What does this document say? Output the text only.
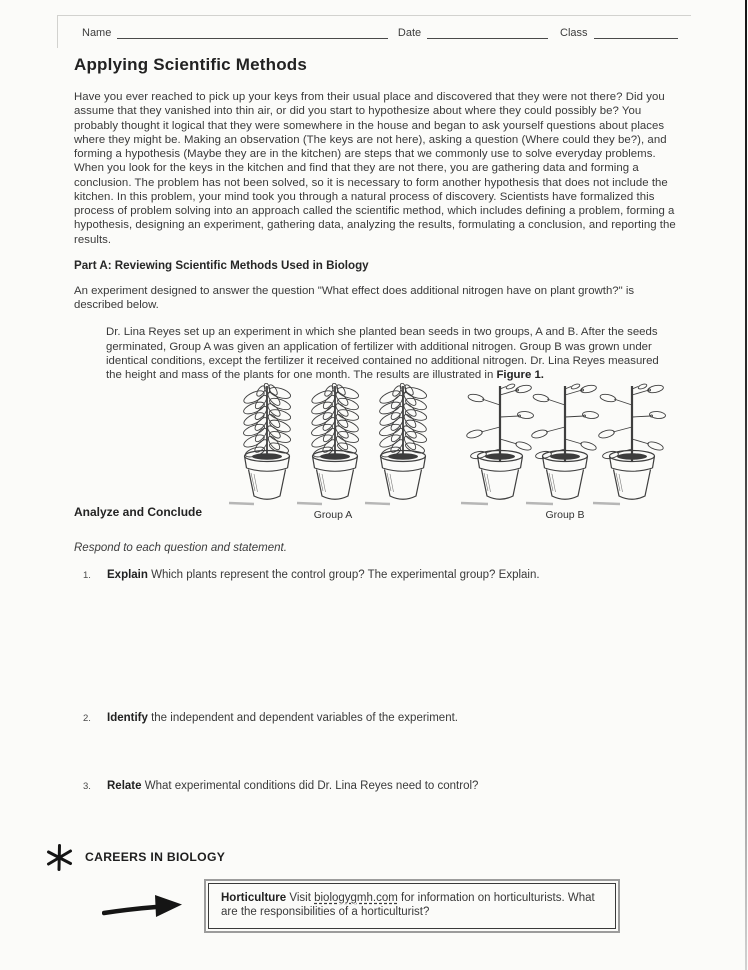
Name	Date	Class
Applying Scientific Methods

Have you ever reached to pick up your keys from their usual place and discovered that they were not there? Did you assume that they vanished into thin air, or did you start to hypothesize about where they could possibly be? You probably thought it logical that they were somewhere in the house and began to ask yourself questions about places where they might be. Making an observation (The keys are not here), asking a question (Where could they be?), and forming a hypothesis (Maybe they are in the kitchen) are steps that we commonly use to solve everyday problems. When you look for the keys in the kitchen and find that they are not there, you are gathering data and forming a conclusion. The problem has not been solved, so it is necessary to form another hypothesis that does not include the kitchen. In this problem, your mind took you through a natural process of discovery. Scientists have formalized this process of problem solving into an approach called the scientific method, which includes defining a problem, forming a hypothesis, designing an experiment, gathering data, analyzing the results, formulating a conclusion, and reporting the results.

Part A: Reviewing Scientific Methods Used in Biology

An experiment designed to answer the question "What effect does additional nitrogen have on plant growth?" is described below.

Dr. Lina Reyes set up an experiment in which she planted bean seeds in two groups, A and B. After the seeds germinated, Group A was given an application of fertilizer with additional nitrogen. Group B was grown under identical conditions, except the fertilizer it received contained no additional nitrogen. Dr. Lina Reyes measured the height and mass of the plants for one month. The results are illustrated in Figure 1.

Group A	Group B
Analyze and Conclude

Respond to each question and statement.

1.	Explain Which plants represent the control group? The experimental group? Explain.
2.	Identify the independent and dependent variables of the experiment.
3.	Relate What experimental conditions did Dr. Lina Reyes need to control?
CAREERS IN BIOLOGY
Horticulture Visit biologygmh.com for information on horticulturists. What are the responsibilities of a horticulturist?
